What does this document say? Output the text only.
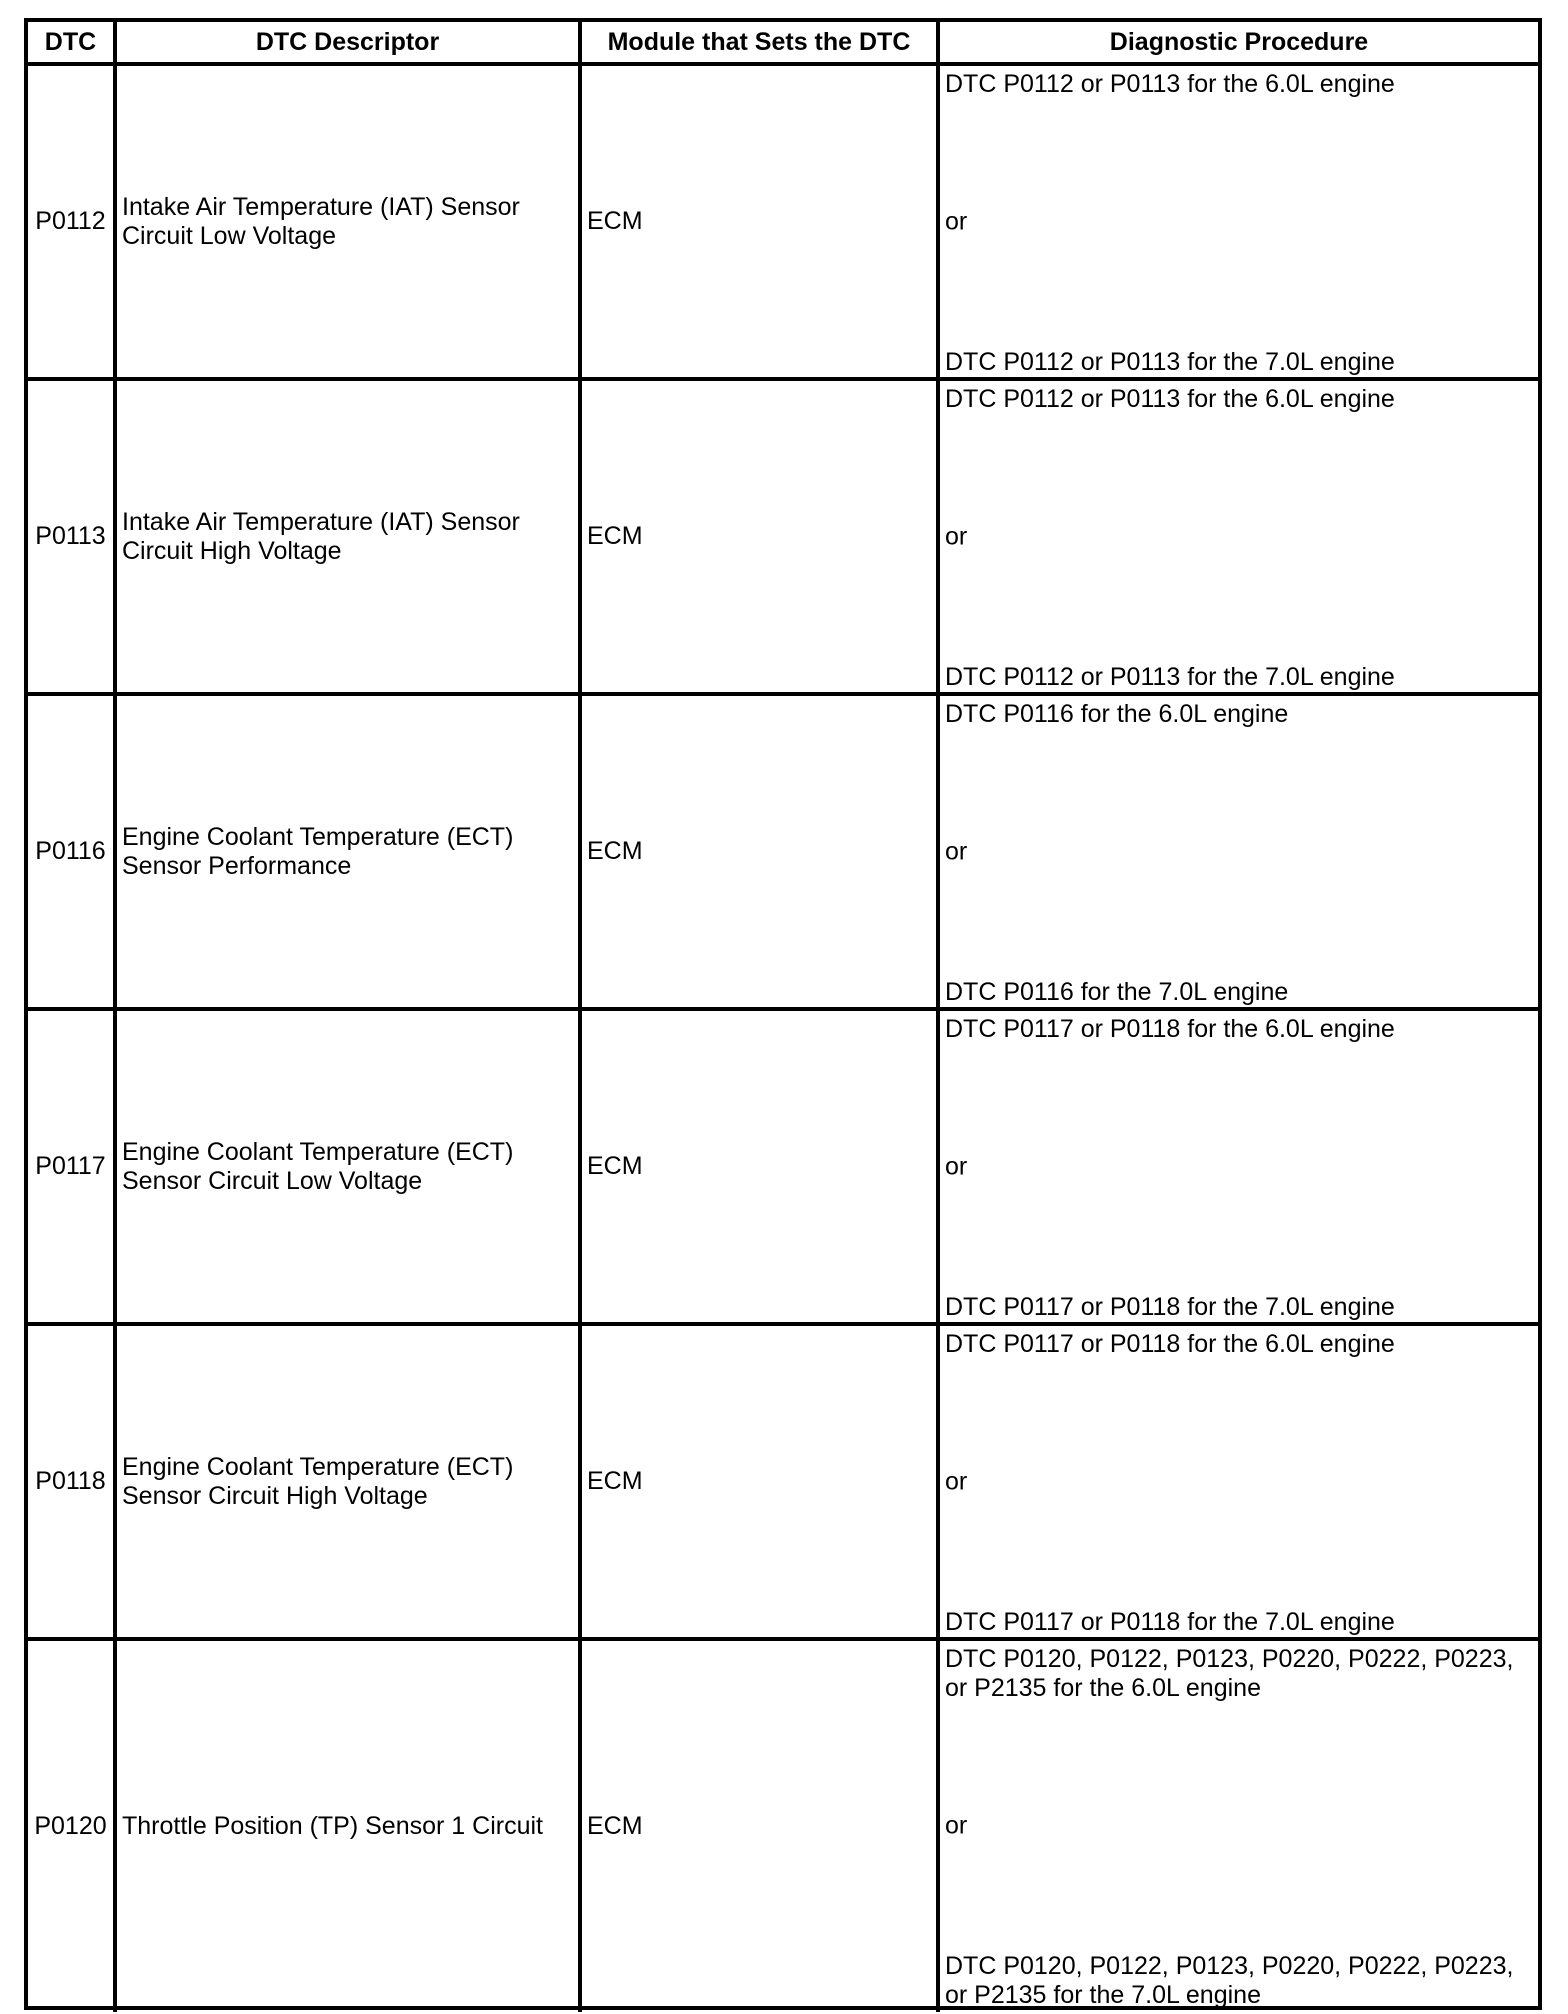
DTC	DTC Descriptor	Module that Sets the DTC	Diagnostic Procedure
P0112	Intake Air Temperature (IAT) Sensor Circuit Low Voltage	ECM	DTC P0112 or P0113 for the 6.0L engine
or
DTC P0112 or P0113 for the 7.0L engine

P0113	Intake Air Temperature (IAT) Sensor Circuit High Voltage	ECM	DTC P0112 or P0113 for the 6.0L engine
or
DTC P0112 or P0113 for the 7.0L engine

P0116	Engine Coolant Temperature (ECT) Sensor Performance	ECM	DTC P0116 for the 6.0L engine
or
DTC P0116 for the 7.0L engine

P0117	Engine Coolant Temperature (ECT) Sensor Circuit Low Voltage	ECM	DTC P0117 or P0118 for the 6.0L engine
or
DTC P0117 or P0118 for the 7.0L engine

P0118	Engine Coolant Temperature (ECT) Sensor Circuit High Voltage	ECM	DTC P0117 or P0118 for the 6.0L engine
or
DTC P0117 or P0118 for the 7.0L engine

P0120	Throttle Position (TP) Sensor 1 Circuit	ECM	DTC P0120, P0122, P0123, P0220, P0222, P0223, or P2135 for the 6.0L engine
or
DTC P0120, P0122, P0123, P0220, P0222, P0223, or P2135 for the 7.0L engine
